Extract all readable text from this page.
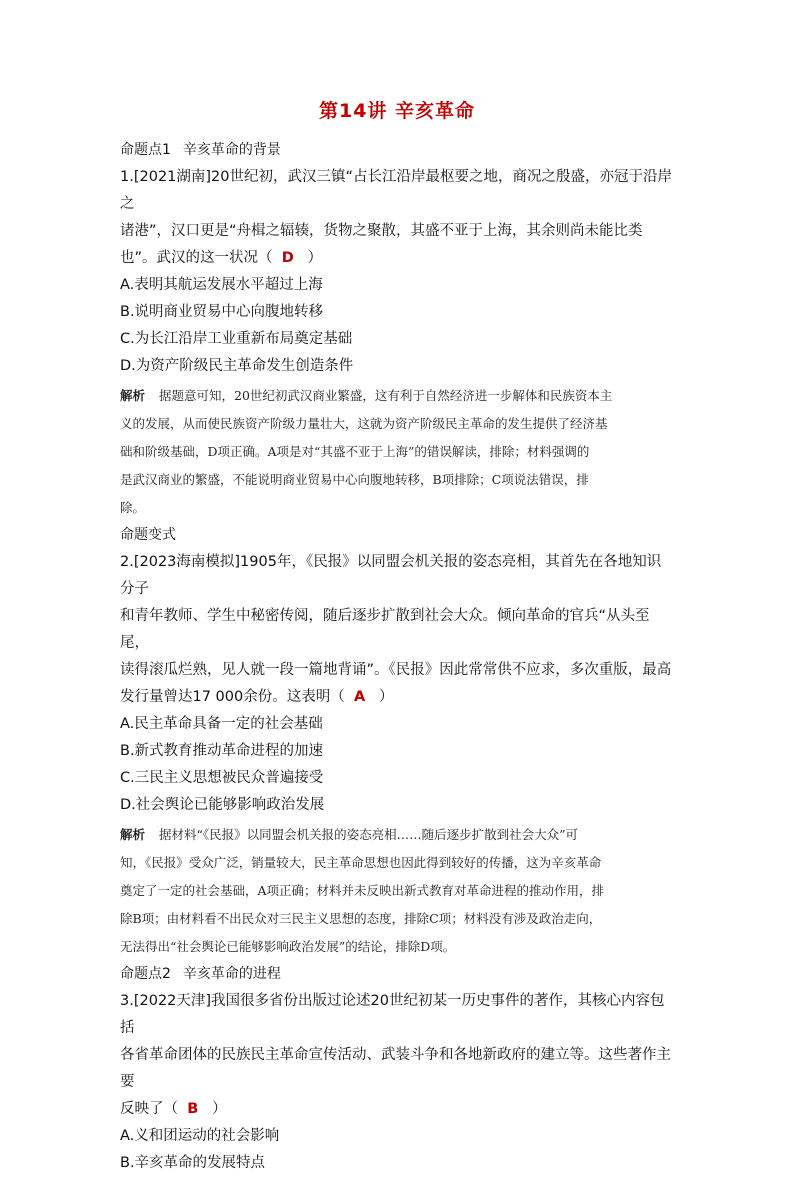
第14讲 辛亥革命

命题点1 辛亥革命的背景

1.[2021湖南]20世纪初，武汉三镇“占长江沿岸最枢要之地，商况之殷盛，亦冠于沿岸之

诸港”，汉口更是“舟楫之辐辏，货物之聚散，其盛不亚于上海，其余则尚未能比类

也”。武汉的这一状况（ D ）

A.表明其航运发展水平超过上海

B.说明商业贸易中心向腹地转移

C.为长江沿岸工业重新布局奠定基础

D.为资产阶级民主革命发生创造条件

解析 据题意可知，20世纪初武汉商业繁盛，这有利于自然经济进一步解体和民族资本主

义的发展，从而使民族资产阶级力量壮大，这就为资产阶级民主革命的发生提供了经济基

础和阶级基础，D项正确。A项是对“其盛不亚于上海”的错误解读，排除；材料强调的

是武汉商业的繁盛，不能说明商业贸易中心向腹地转移，B项排除；C项说法错误，排

除。

命题变式

2.[2023海南模拟]1905年，《民报》以同盟会机关报的姿态亮相，其首先在各地知识分子

和青年教师、学生中秘密传阅，随后逐步扩散到社会大众。倾向革命的官兵“从头至尾，

读得滚瓜烂熟，见人就一段一篇地背诵”。《民报》因此常常供不应求，多次重版，最高

发行量曾达17 000余份。这表明（ A ）

A.民主革命具备一定的社会基础

B.新式教育推动革命进程的加速

C.三民主义思想被民众普遍接受

D.社会舆论已能够影响政治发展

解析 据材料“《民报》以同盟会机关报的姿态亮相……随后逐步扩散到社会大众”可

知，《民报》受众广泛，销量较大，民主革命思想也因此得到较好的传播，这为辛亥革命

奠定了一定的社会基础，A项正确；材料并未反映出新式教育对革命进程的推动作用，排

除B项；由材料看不出民众对三民主义思想的态度，排除C项；材料没有涉及政治走向，

无法得出“社会舆论已能够影响政治发展”的结论，排除D项。

命题点2 辛亥革命的进程

3.[2022天津]我国很多省份出版过论述20世纪初某一历史事件的著作，其核心内容包括

各省革命团体的民族民主革命宣传活动、武装斗争和各地新政府的建立等。这些著作主要

反映了（ B ）

A.义和团运动的社会影响

B.辛亥革命的发展特点
